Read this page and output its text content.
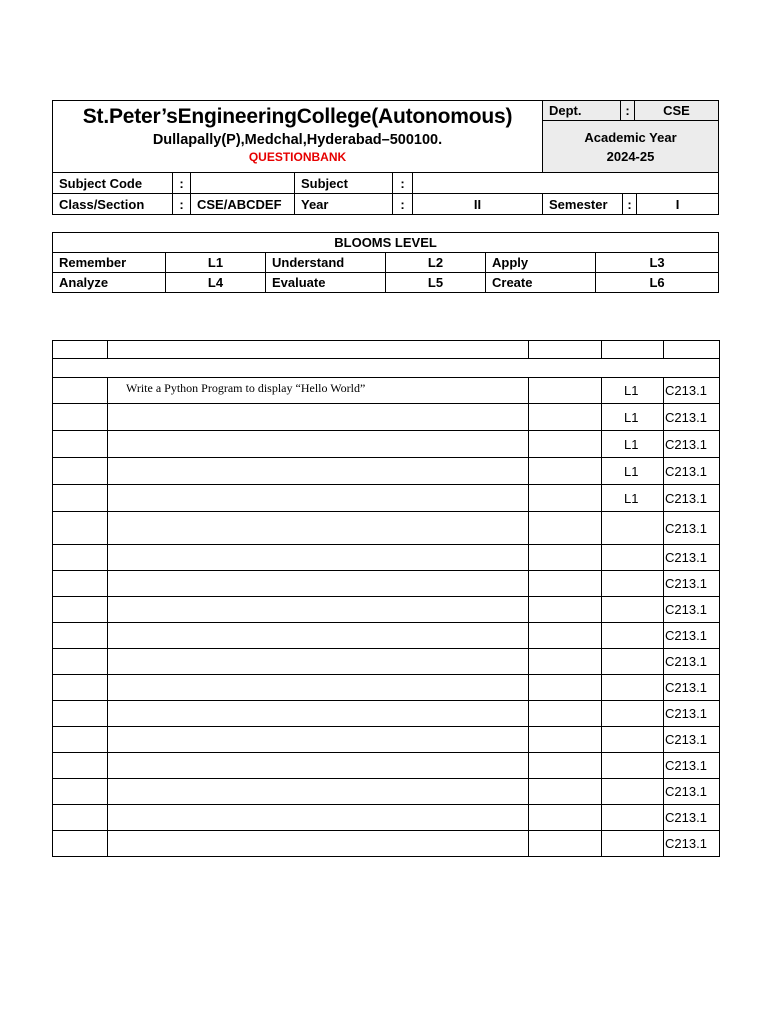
St.Peter’sEngineeringCollege(Autonomous)
Dullapally(P),Medchal,Hyderabad–500100.
QUESTIONBANK
	Dept.	:	CSE
Academic Year
2024-25
Subject Code	:		Subject	:				
Class/Section	:	CSE/ABCDEF	Year	:	II	Semester	:	I
BLOOMS LEVEL					
Remember	L1	Understand	L2	Apply	L3
Analyze	L4	Evaluate	L5	Create	L6

	Write a Python Program to display “Hello World”		L1	C213.1
			L1	C213.1
			L1	C213.1
			L1	C213.1
			L1	C213.1
				C213.1
				C213.1
				C213.1
				C213.1
				C213.1
				C213.1
				C213.1
				C213.1
				C213.1
				C213.1
				C213.1
				C213.1
				C213.1
